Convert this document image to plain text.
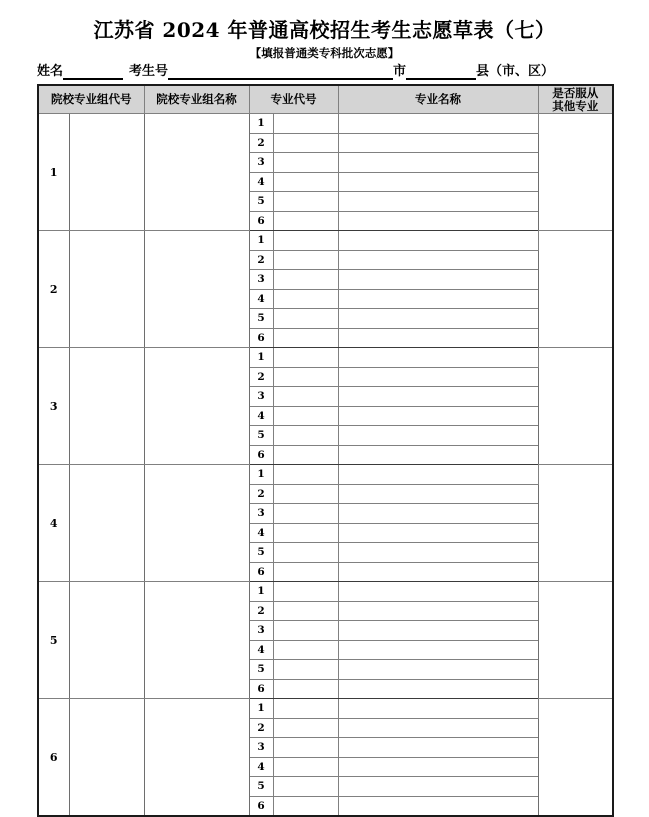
江苏省 2024 年普通高校招生考生志愿草表（七）
【填报普通类专科批次志愿】
姓名	考生号	市	县（市、区）
院校专业组代号		院校专业组名称	专业代号		专业名称	是否服从
其他专业

1			1			
			2			
			3			
			4			
			5			
			6			
2			1			
			2			
			3			
			4			
			5			
			6			
3			1			
			2			
			3			
			4			
			5			
			6			
4			1			
			2			
			3			
			4			
			5			
			6			
5			1			
			2			
			3			
			4			
			5			
			6			
6			1			
			2			
			3			
			4			
			5			
			6			
